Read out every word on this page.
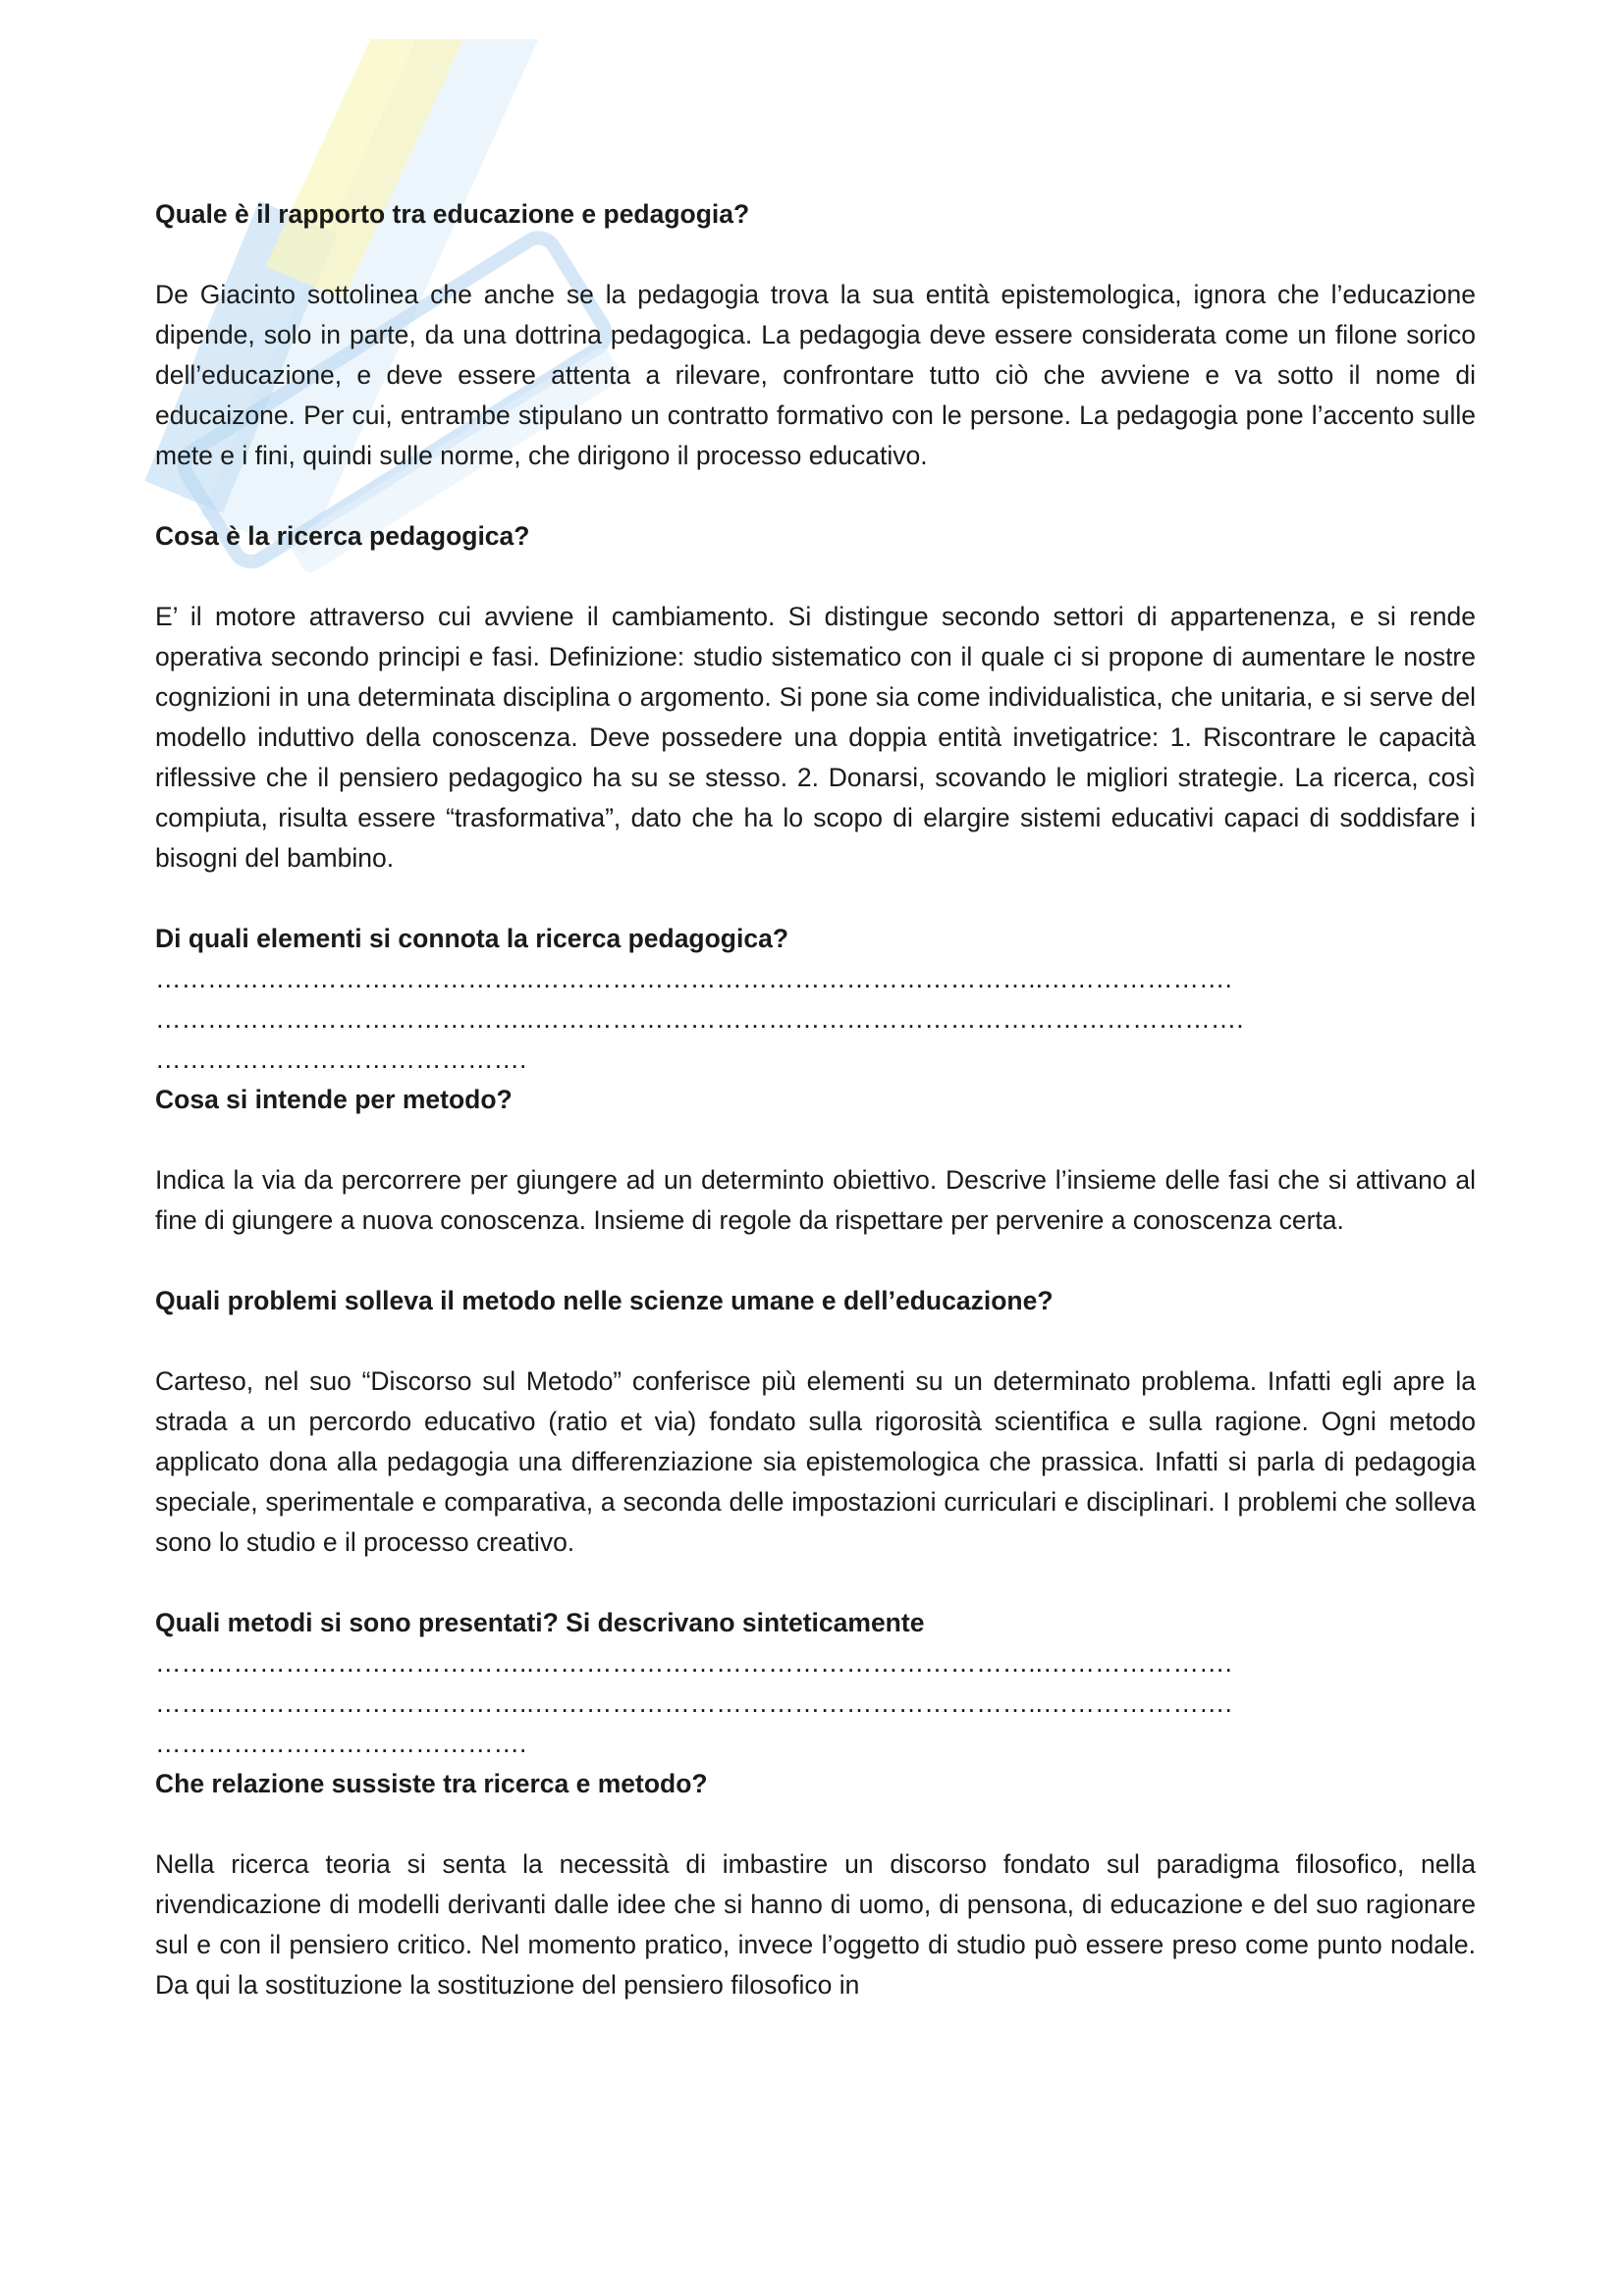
Quale è il rapporto tra educazione e pedagogia?

De Giacinto sottolinea che anche se la pedagogia trova la sua entità epistemologica, ignora che l’educazione dipende, solo in parte, da una dottrina pedagogica. La pedagogia deve essere considerata come un filone sorico dell’educazione, e deve essere attenta a rilevare, confrontare tutto ciò che avviene e va sotto il nome di educaizone. Per cui, entrambe stipulano un contratto formativo con le persone. La pedagogia pone l’accento sulle mete e i fini, quindi sulle norme, che dirigono il processo educativo.

Cosa è la ricerca pedagogica?

E’ il motore attraverso cui avviene il cambiamento. Si distingue secondo settori di appartenenza, e si rende operativa secondo principi e fasi. Definizione: studio sistematico con il quale ci si propone di aumentare le nostre cognizioni in una determinata disciplina o argomento. Si pone sia come individualistica, che unitaria, e si serve del modello induttivo della conoscenza. Deve possedere una doppia entità invetigatrice: 1. Riscontrare le capacità riflessive che il pensiero pedagogico ha su se stesso. 2. Donarsi, scovando le migliori strategie. La ricerca, così compiuta, risulta essere “trasformativa”, dato che ha lo scopo di elargire sistemi educativi capaci di soddisfare i bisogni del bambino.

Di quali elementi si connota la ricerca pedagogica?

……………………………………..…………………………………………………..………………….

……………………………………..……………………………………………………………………….

…………………………………….

Cosa si intende per metodo?

Indica la via da percorrere per giungere ad un determinto obiettivo. Descrive l’insieme delle fasi che si attivano al fine di giungere a nuova conoscenza. Insieme di regole da rispettare per pervenire a conoscenza certa.

Quali problemi solleva il metodo nelle scienze umane e dell’educazione?

Carteso, nel suo “Discorso sul Metodo” conferisce più elementi su un determinato problema. Infatti egli apre la strada a un percordo educativo (ratio et via) fondato sulla rigorosità scientifica e sulla ragione. Ogni metodo applicato dona alla pedagogia una differenziazione sia epistemologica che prassica. Infatti si parla di pedagogia speciale, sperimentale e comparativa, a seconda delle impostazioni curriculari e disciplinari. I problemi che solleva sono lo studio e il processo creativo.

Quali metodi si sono presentati? Si descrivano sinteticamente

……………………………………..…………………………………………………..………………….

……………………………………..…………………………………………………..………………….

…………………………………….

Che relazione sussiste tra ricerca e metodo?

Nella ricerca teoria si senta la necessità di imbastire un discorso fondato sul paradigma filosofico, nella rivendicazione di modelli derivanti dalle idee che si hanno di uomo, di pensona, di educazione e del suo ragionare sul e con il pensiero critico. Nel momento pratico, invece l’oggetto di studio può essere preso come punto nodale. Da qui la sostituzione la sostituzione del pensiero filosofico in
